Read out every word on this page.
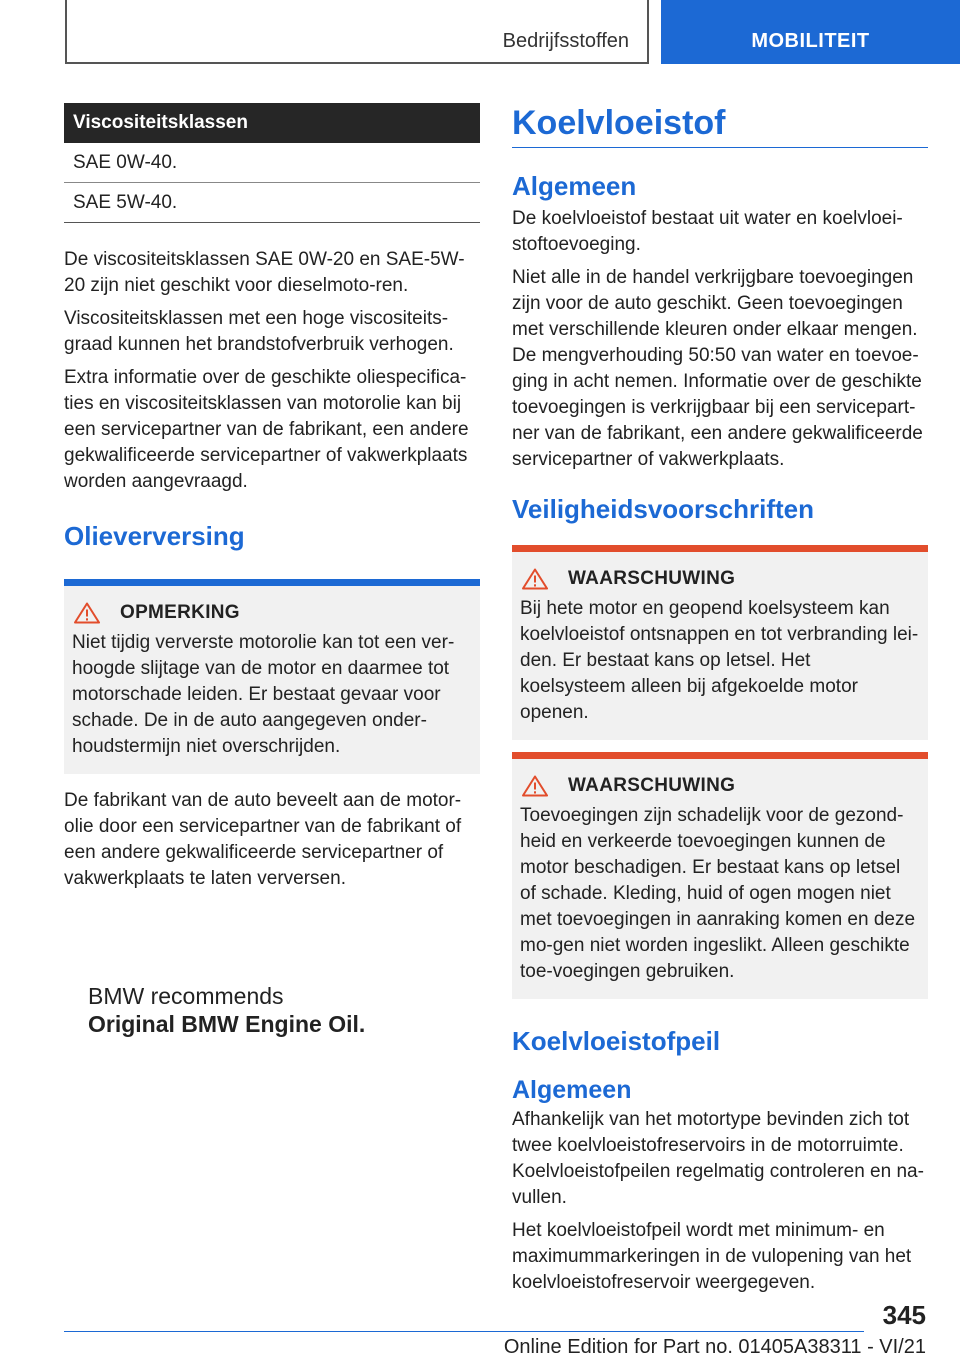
Bedrijfsstoffen	MOBILITEIT
Viscositeitsklassen
SAE 0W-40.
SAE 5W-40.

De viscositeitsklassen SAE 0W-20 en SAE-5W-20 zijn niet geschikt voor dieselmoto-ren.

Viscositeitsklassen met een hoge viscositeits-graad kunnen het brandstofverbruik verhogen.

Extra informatie over de geschikte oliespecifica-ties en viscositeitsklassen van motorolie kan bij een servicepartner van de fabrikant, een andere gekwalificeerde servicepartner of vakwerkplaats worden aangevraagd.

Olieverversing
OPMERKING

Niet tijdig ververste motorolie kan tot een ver-hoogde slijtage van de motor en daarmee tot motorschade leiden. Er bestaat gevaar voor schade. De in de auto aangegeven onder-houdstermijn niet overschrijden.

De fabrikant van de auto beveelt aan de motor-olie door een servicepartner van de fabrikant of een andere gekwalificeerde servicepartner of vakwerkplaats te laten verversen.

BMW recommends
Original BMW Engine Oil.
Koelvloeistof
Algemeen

De koelvloeistof bestaat uit water en koelvloei-stoftoevoeging.

Niet alle in de handel verkrijgbare toevoegingen zijn voor de auto geschikt. Geen toevoegingen met verschillende kleuren onder elkaar mengen. De mengverhouding 50:50 van water en toevoe-ging in acht nemen. Informatie over de geschikte toevoegingen is verkrijgbaar bij een servicepart-ner van de fabrikant, een andere gekwalificeerde servicepartner of vakwerkplaats.

Veiligheidsvoorschriften
WAARSCHUWING

Bij hete motor en geopend koelsysteem kan koelvloeistof ontsnappen en tot verbranding lei-den. Er bestaat kans op letsel. Het koelsysteem alleen bij afgekoelde motor openen.

WAARSCHUWING

Toevoegingen zijn schadelijk voor de gezond-heid en verkeerde toevoegingen kunnen de motor beschadigen. Er bestaat kans op letsel of schade. Kleding, huid of ogen mogen niet met toevoegingen in aanraking komen en deze mo-gen niet worden ingeslikt. Alleen geschikte toe-voegingen gebruiken.

Koelvloeistofpeil
Algemeen

Afhankelijk van het motortype bevinden zich tot twee koelvloeistofreservoirs in de motorruimte. Koelvloeistofpeilen regelmatig controleren en na-vullen.

Het koelvloeistofpeil wordt met minimum- en maximummarkeringen in de vulopening van het koelvloeistofreservoir weergegeven.

345
Online Edition for Part no. 01405A38311 - VI/21
